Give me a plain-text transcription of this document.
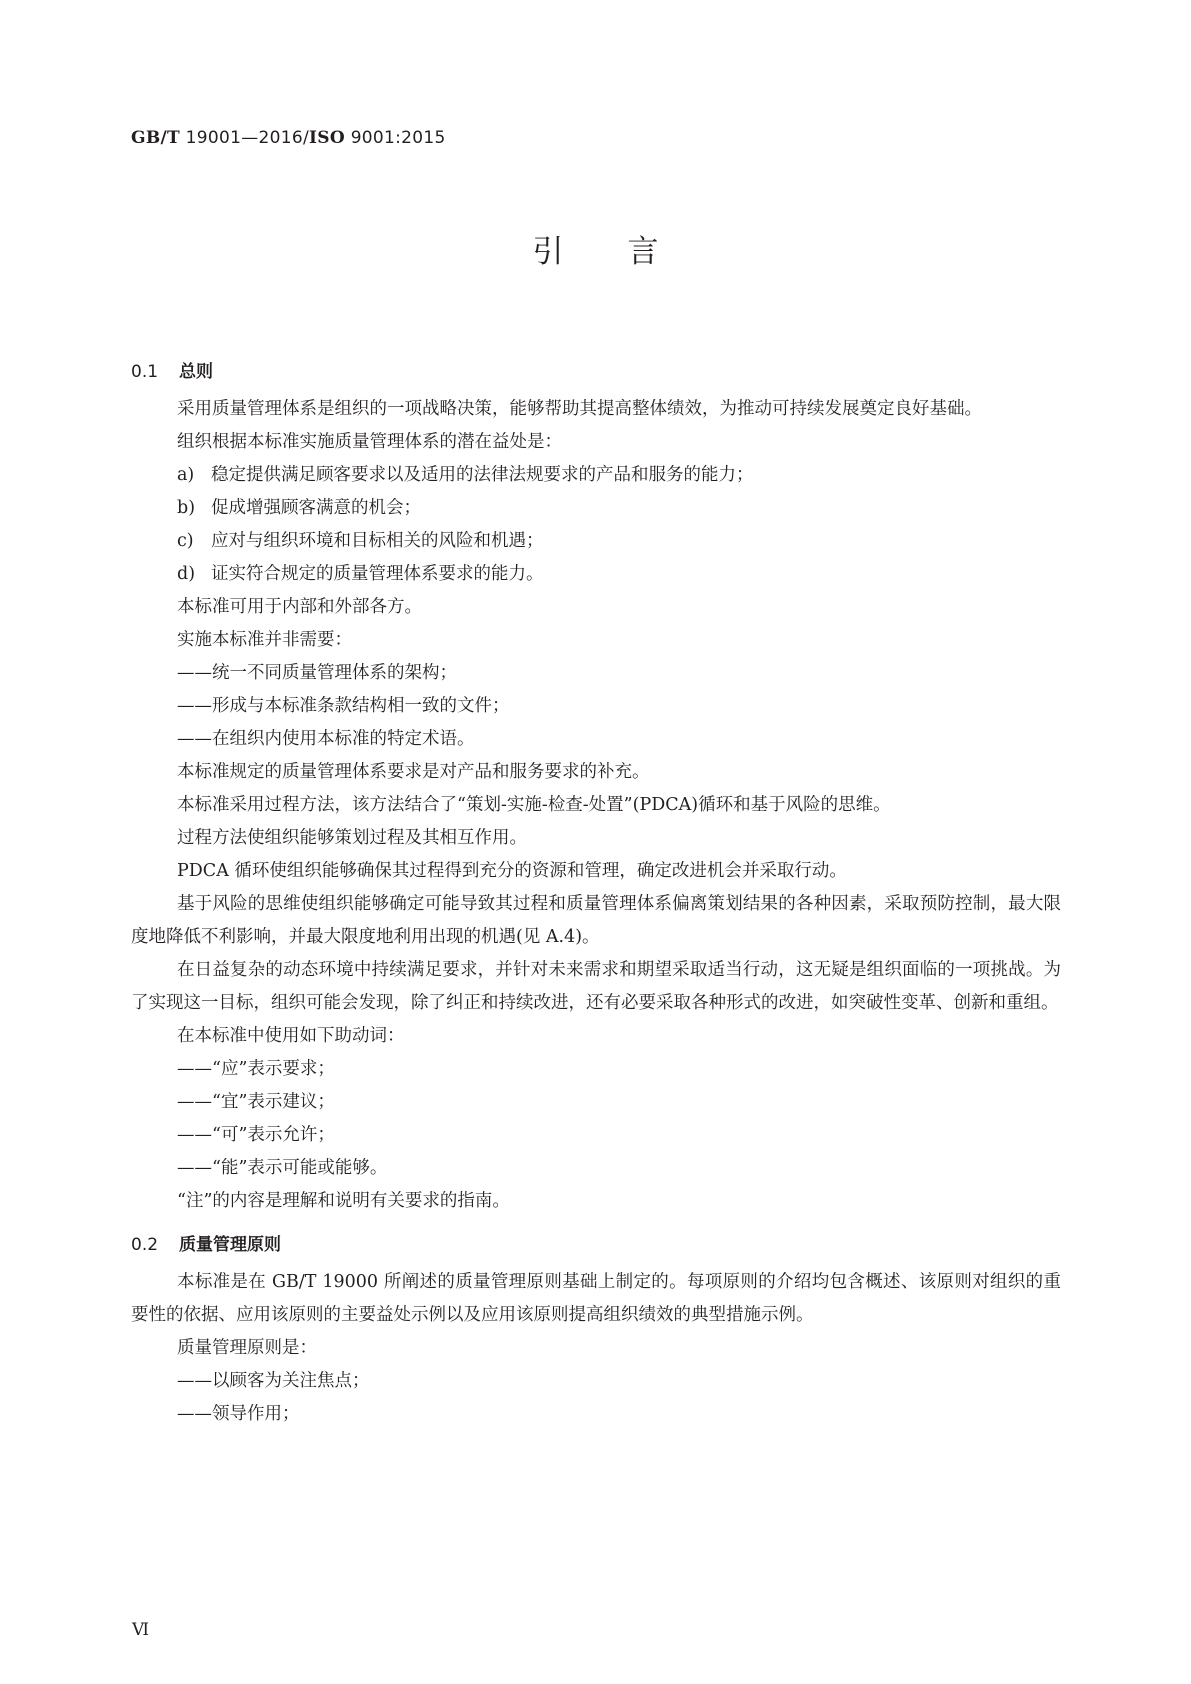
GB/T 19001—2016/ISO 9001:2015
引言
0.1 总则

采用质量管理体系是组织的一项战略决策，能够帮助其提高整体绩效，为推动可持续发展奠定良好基础。

组织根据本标准实施质量管理体系的潜在益处是：

a) 稳定提供满足顾客要求以及适用的法律法规要求的产品和服务的能力；

b) 促成增强顾客满意的机会；

c) 应对与组织环境和目标相关的风险和机遇；

d) 证实符合规定的质量管理体系要求的能力。

本标准可用于内部和外部各方。

实施本标准并非需要：

——统一不同质量管理体系的架构；

——形成与本标准条款结构相一致的文件；

——在组织内使用本标准的特定术语。

本标准规定的质量管理体系要求是对产品和服务要求的补充。

本标准采用过程方法，该方法结合了“策划-实施-检查-处置”(PDCA)循环和基于风险的思维。

过程方法使组织能够策划过程及其相互作用。

PDCA 循环使组织能够确保其过程得到充分的资源和管理，确定改进机会并采取行动。

基于风险的思维使组织能够确定可能导致其过程和质量管理体系偏离策划结果的各种因素，采取预防控制，最大限度地降低不利影响，并最大限度地利用出现的机遇(见 A.4)。

在日益复杂的动态环境中持续满足要求，并针对未来需求和期望采取适当行动，这无疑是组织面临的一项挑战。为了实现这一目标，组织可能会发现，除了纠正和持续改进，还有必要采取各种形式的改进，如突破性变革、创新和重组。

在本标准中使用如下助动词：

——“应”表示要求；

——“宜”表示建议；

——“可”表示允许；

——“能”表示可能或能够。

“注”的内容是理解和说明有关要求的指南。

0.2 质量管理原则

本标准是在 GB/T 19000 所阐述的质量管理原则基础上制定的。每项原则的介绍均包含概述、该原则对组织的重要性的依据、应用该原则的主要益处示例以及应用该原则提高组织绩效的典型措施示例。

质量管理原则是：

——以顾客为关注焦点；

——领导作用；

Ⅵ
